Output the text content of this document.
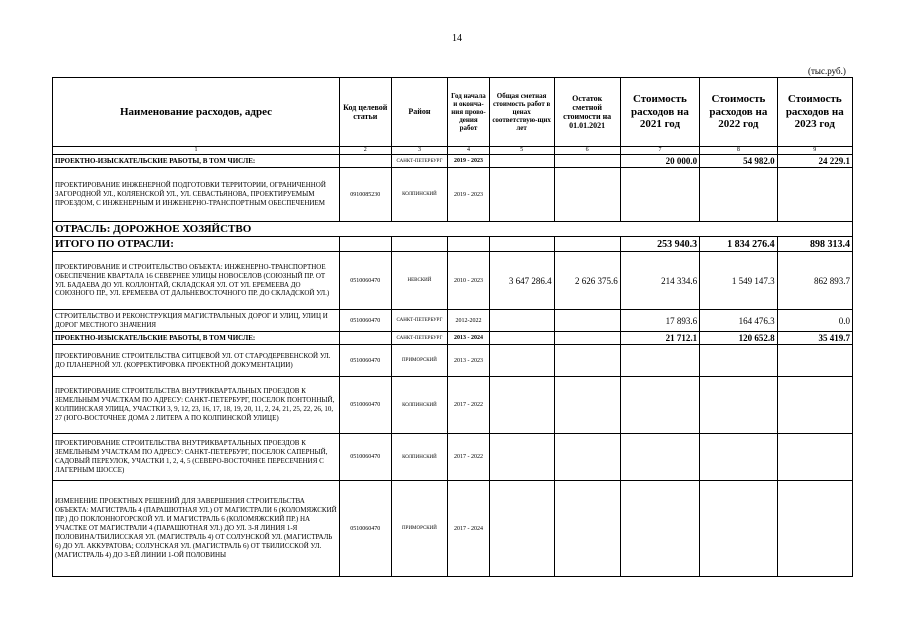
14
(тыс.руб.)
Наименование расходов, адрес	Код целевой статьи	Район	Год начала и оконча-ния прово-дения работ	Общая сметная стоимость работ в ценах соответствую-щих лет	Остаток сметной стоимости на 01.01.2021	Стоимость расходов на 2021 год	Стоимость расходов на 2022 год	Стоимость расходов на 2023 год
1	2	3	4	5	6	7	8	9
ПРОЕКТНО-ИЗЫСКАТЕЛЬСКИЕ РАБОТЫ, В ТОМ ЧИСЛЕ:		САНКТ-ПЕТЕРБУРГ	2019 - 2023			20 000.0	54 982.0	24 229.1
ПРОЕКТИРОВАНИЕ ИНЖЕНЕРНОЙ ПОДГОТОВКИ ТЕРРИТОРИИ, ОГРАНИЧЕННОЙ ЗАГОРОДНОЙ УЛ., КОЛЯЕНСКОЙ УЛ., УЛ. СЕВАСТЬЯНОВА, ПРОЕКТИРУЕМЫМ ПРОЕЗДОМ, С ИНЖЕНЕРНЫМ И ИНЖЕНЕРНО-ТРАНСПОРТНЫМ ОБЕСПЕЧЕНИЕМ	0910085230	КОЛПИНСКИЙ	2019 - 2023					
ОТРАСЛЬ: ДОРОЖНОЕ ХОЗЯЙСТВО								
ИТОГО ПО ОТРАСЛИ:						253 940.3	1 834 276.4	898 313.4
ПРОЕКТИРОВАНИЕ И СТРОИТЕЛЬСТВО ОБЪЕКТА: ИНЖЕНЕРНО-ТРАНСПОРТНОЕ ОБЕСПЕЧЕНИЕ КВАРТАЛА 16 СЕВЕРНЕЕ УЛИЦЫ НОВОСЕЛОВ (СОЮЗНЫЙ ПР. ОТ УЛ. БАДАЕВА ДО УЛ. КОЛЛОНТАЙ, СКЛАДСКАЯ УЛ. ОТ УЛ. ЕРЕМЕЕВА ДО СОЮЗНОГО ПР., УЛ. ЕРЕМЕЕВА ОТ ДАЛЬНЕВОСТОЧНОГО ПР. ДО СКЛАДСКОЙ УЛ.)	0510060470	НЕВСКИЙ	2010 - 2023	3 647 286.4	2 626 375.6	214 334.6	1 549 147.3	862 893.7
СТРОИТЕЛЬСТВО И РЕКОНСТРУКЦИЯ МАГИСТРАЛЬНЫХ ДОРОГ И УЛИЦ, УЛИЦ И ДОРОГ МЕСТНОГО ЗНАЧЕНИЯ	0510060470	САНКТ-ПЕТЕРБУРГ	2012-2022			17 893.6	164 476.3	0.0
ПРОЕКТНО-ИЗЫСКАТЕЛЬСКИЕ РАБОТЫ, В ТОМ ЧИСЛЕ:		САНКТ-ПЕТЕРБУРГ	2013 - 2024			21 712.1	120 652.8	35 419.7
ПРОЕКТИРОВАНИЕ СТРОИТЕЛЬСТВА СИТЦЕВОЙ УЛ. ОТ СТАРОДЕРЕВЕНСКОЙ УЛ. ДО ПЛАНЕРНОЙ УЛ. (КОРРЕКТИРОВКА ПРОЕКТНОЙ ДОКУМЕНТАЦИИ)	0510060470	ПРИМОРСКИЙ	2013 - 2023					
ПРОЕКТИРОВАНИЕ СТРОИТЕЛЬСТВА ВНУТРИКВАРТАЛЬНЫХ ПРОЕЗДОВ К ЗЕМЕЛЬНЫМ УЧАСТКАМ ПО АДРЕСУ: САНКТ-ПЕТЕРБУРГ, ПОСЕЛОК ПОНТОННЫЙ, КОЛПИНСКАЯ УЛИЦА, УЧАСТКИ 3, 9, 12, 23, 16, 17, 18, 19, 20, 11, 2, 24, 21, 25, 22, 26, 10, 27 (ЮГО-ВОСТОЧНЕЕ ДОМА 2 ЛИТЕРА А ПО КОЛПИНСКОЙ УЛИЦЕ)	0510060470	КОЛПИНСКИЙ	2017 - 2022					
ПРОЕКТИРОВАНИЕ СТРОИТЕЛЬСТВА ВНУТРИКВАРТАЛЬНЫХ ПРОЕЗДОВ К ЗЕМЕЛЬНЫМ УЧАСТКАМ ПО АДРЕСУ: САНКТ-ПЕТЕРБУРГ, ПОСЕЛОК САПЕРНЫЙ, САДОВЫЙ ПЕРЕУЛОК, УЧАСТКИ 1, 2, 4, 5 (СЕВЕРО-ВОСТОЧНЕЕ ПЕРЕСЕЧЕНИЯ С ЛАГЕРНЫМ ШОССЕ)	0510060470	КОЛПИНСКИЙ	2017 - 2022					
ИЗМЕНЕНИЕ ПРОЕКТНЫХ РЕШЕНИЙ ДЛЯ ЗАВЕРШЕНИЯ СТРОИТЕЛЬСТВА ОБЪЕКТА: МАГИСТРАЛЬ 4 (ПАРАШЮТНАЯ УЛ.) ОТ МАГИСТРАЛИ 6 (КОЛОМЯЖСКИЙ ПР.) ДО ПОКЛОННОГОРСКОЙ УЛ. И МАГИСТРАЛЬ 6 (КОЛОМЯЖСКИЙ ПР.) НА УЧАСТКЕ ОТ МАГИСТРАЛИ 4 (ПАРАШЮТНАЯ УЛ.) ДО УЛ. 3-Я ЛИНИЯ 1-Я ПОЛОВИНА/ТБИЛИССКАЯ УЛ. (МАГИСТРАЛЬ 4) ОТ СОЛУНСКОЙ УЛ. (МАГИСТРАЛЬ 6) ДО УЛ. АККУРАТОВА; СОЛУНСКАЯ УЛ. (МАГИСТРАЛЬ 6) ОТ ТБИЛИССКОЙ УЛ. (МАГИСТРАЛЬ 4) ДО 3-ЕЙ ЛИНИИ 1-ОЙ ПОЛОВИНЫ	0510060470	ПРИМОРСКИЙ	2017 - 2024					
